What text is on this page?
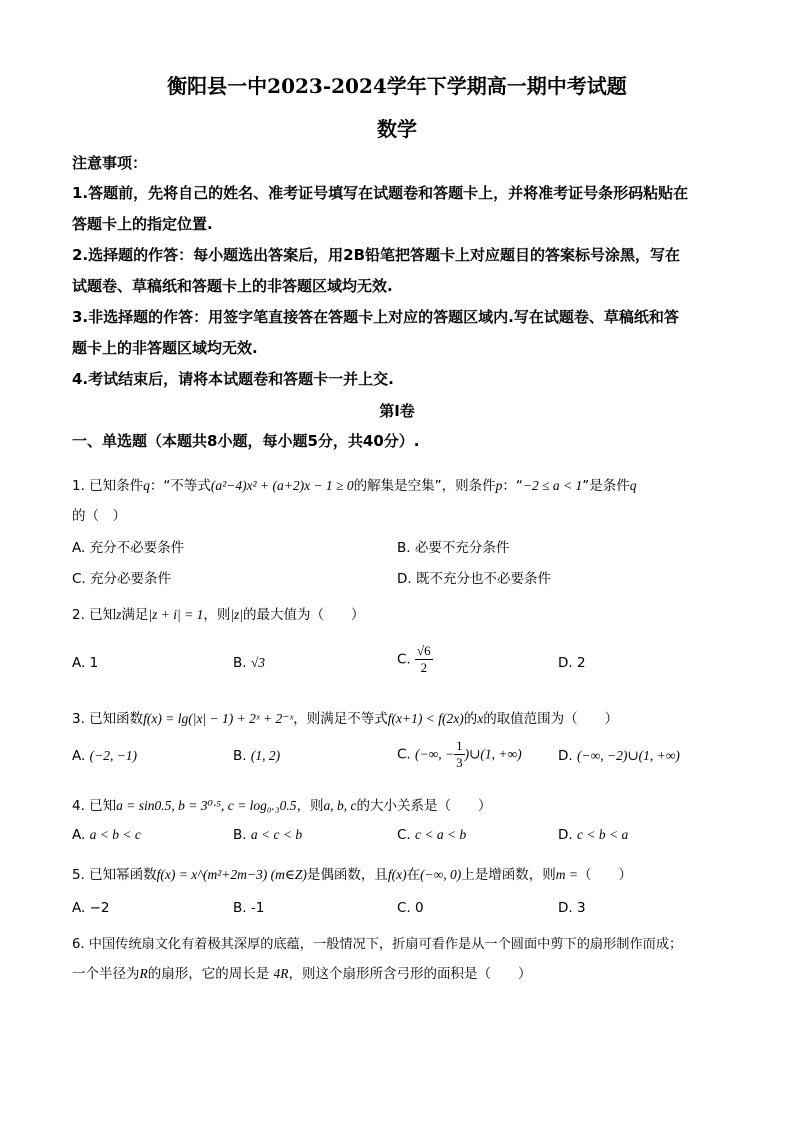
衡阳县一中2023-2024学年下学期高一期中考试题
数学
注意事项：
1.答题前，先将自己的姓名、准考证号填写在试题卷和答题卡上，并将准考证号条形码粘贴在
答题卡上的指定位置.
2.选择题的作答：每小题选出答案后，用2B铅笔把答题卡上对应题目的答案标号涂黑，写在
试题卷、草稿纸和答题卡上的非答题区域均无效.
3.非选择题的作答：用签字笔直接答在答题卡上对应的答题区域内.写在试题卷、草稿纸和答
题卡上的非答题区域均无效.
4.考试结束后，请将本试题卷和答题卡一并上交.
第Ⅰ卷
一、单选题（本题共8小题，每小题5分，共40分）.
1. 已知条件q：“不等式(a²−4)x² + (a+2)x − 1 ≥ 0的解集是空集”，则条件p：“−2 ≤ a < 1”是条件q
的（　）
A. 充分不必要条件	B. 必要不充分条件
C. 充分必要条件	D. 既不充分也不必要条件
2. 已知z满足|z + i| = 1，则|z|的最大值为（　　）
A. 1	B. √3	C. $\frac{√6}{2}$	D. 2
3. 已知函数f(x) = lg(|x| − 1) + 2ˣ + 2⁻ˣ，则满足不等式f(x+1) < f(2x)的x的取值范围为（　　）
A. (−2, −1)	B. (1, 2)	C. (−∞, − $\frac{1}{3}$ )∪(1, +∞)	D. (−∞, −2)∪(1, +∞)
4. 已知a = sin0.5, b = 3⁰·⁵, c = log₀.₃0.5，则a, b, c的大小关系是（　　）
A. a < b < c	B. a < c < b	C. c < a < b	D. c < b < a
5. 已知幂函数f(x) = x^(m²+2m−3) (m∈Z)是偶函数，且f(x)在(−∞, 0)上是增函数，则m =（　　）
A. −2	B. -1	C. 0	D. 3
6. 中国传统扇文化有着极其深厚的底蕴，一般情况下，折扇可看作是从一个圆面中剪下的扇形制作而成；
一个半径为R的扇形，它的周长是 4R，则这个扇形所含弓形的面积是（　　）
